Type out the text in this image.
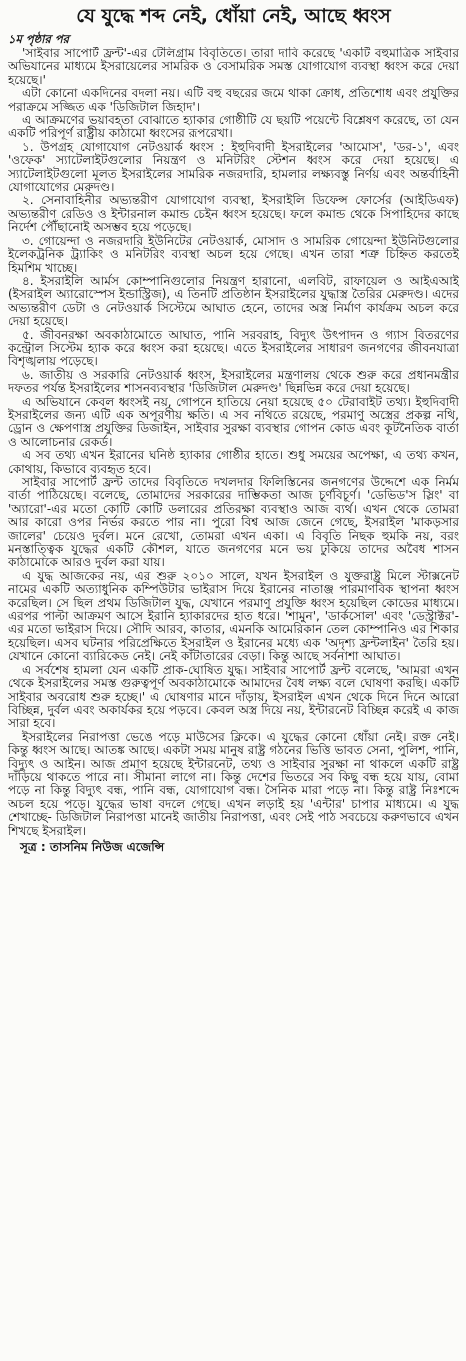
যে যুদ্ধে শব্দ নেই, ধোঁয়া নেই, আছে ধ্বংস
১ম পৃষ্ঠার পর

'সাইবার সাপোর্ট ফ্রন্ট'-এর টেলিগ্রাম বিবৃতিতে। তারা দাবি করেছে 'একটি বহুমাত্রিক সাইবার অভিযানের মাধ্যমে ইসরায়েলের সামরিক ও বেসামরিক সমস্ত যোগাযোগ ব্যবস্থা ধ্বংস করে দেয়া হয়েছে।'

এটা কোনো একদিনের বদলা নয়। এটি বহু বছরের জমে থাকা ক্রোধ, প্রতিশোধ এবং প্রযুক্তির পরাক্রমে সজ্জিত এক 'ডিজিটাল জিহাদ'।

এ আক্রমণের ভয়াবহতা বোঝাতে হ্যাকার গোষ্ঠীটি যে ছয়টি পয়েন্টে বিশ্লেষণ করেছে, তা যেন একটি পরিপূর্ণ রাষ্ট্রীয় কাঠামো ধ্বংসের রূপরেখা।

১. উপগ্রহ যোগাযোগ নেটওয়ার্ক ধ্বংস : ইহুদিবাদী ইসরাইলের 'আমোস', 'ডর-১', এবং 'ওফেক' স্যাটেলাইটগুলোর নিয়ন্ত্রণ ও মনিটরিং স্টেশন ধ্বংস করে দেয়া হয়েছে। এ স্যাটেলাইটগুলো মূলত ইসরাইলের সামরিক নজরদারি, হামলার লক্ষ্যবস্তু নির্ণয় এবং অন্তর্বাহিনী যোগাযোগের মেরুদণ্ড।

২. সেনাবাহিনীর অভ্যন্তরীণ যোগাযোগ ব্যবস্থা, ইসরাইলি ডিফেন্স ফোর্সের (আইডিএফ) অভ্যন্তরীণ রেডিও ও ইন্টারনাল কমান্ড চেইন ধ্বংস হয়েছে। ফলে কমান্ড থেকে সিপাহিদের কাছে নির্দেশ পৌঁছানোই অসম্ভব হয়ে পড়েছে।

৩. গোয়েন্দা ও নজরদারি ইউনিটের নেটওয়ার্ক, মোসাদ ও সামরিক গোয়েন্দা ইউনিটগুলোর ইলেকট্রনিক ট্র্যাকিং ও মনিটরিং ব্যবস্থা অচল হয়ে গেছে। এখন তারা শত্রু চিহ্নিত করতেই হিমশিম খাচ্ছে।

৪. ইসরাইলি আর্মস কোম্পানিগুলোর নিয়ন্ত্রণ হারানো, এলবিট, রাফায়েল ও আইএআই (ইসরাইল অ্যারোস্পেস ইন্ডাস্ট্রিজ), এ তিনটি প্রতিষ্ঠান ইসরাইলের যুদ্ধাস্ত্র তৈরির মেরুদণ্ড। এদের অভ্যন্তরীণ ডেটা ও নেটওয়ার্ক সিস্টেমে আঘাত হেনে, তাদের অস্ত্র নির্মাণ কার্যক্রম অচল করে দেয়া হয়েছে।

৫. জীবনরক্ষা অবকাঠামোতে আঘাত, পানি সরবরাহ, বিদ্যুৎ উৎপাদন ও গ্যাস বিতরণের কন্ট্রোল সিস্টেম হ্যাক করে ধ্বংস করা হয়েছে। এতে ইসরাইলের সাধারণ জনগণের জীবনযাত্রা বিশৃঙ্খলায় পড়েছে।

৬. জাতীয় ও সরকারি নেটওয়ার্ক ধ্বংস, ইসরাইলের মন্ত্রণালয় থেকে শুরু করে প্রধানমন্ত্রীর দফতর পর্যন্ত ইসরাইলের শাসনব্যবস্থার 'ডিজিটাল মেরুদণ্ড' ছিন্নভিন্ন করে দেয়া হয়েছে।

এ অভিযানে কেবল ধ্বংসই নয়, গোপনে হাতিয়ে নেয়া হয়েছে ৫০ টেরাবাইট তথ্য। ইহুদিবাদী ইসরাইলের জন্য এটি এক অপূরণীয় ক্ষতি। এ সব নথিতে রয়েছে, পরমাণু অস্ত্রের প্রকল্প নথি, ড্রোন ও ক্ষেপণাস্ত্র প্রযুক্তির ডিজাইন, সাইবার সুরক্ষা ব্যবস্থার গোপন কোড এবং কূটনৈতিক বার্তা ও আলোচনার রেকর্ড।

এ সব তথ্য এখন ইরানের ঘনিষ্ঠ হ্যাকার গোষ্ঠীর হাতে। শুধু সময়ের অপেক্ষা, এ তথ্য কখন, কোথায়, কিভাবে ব্যবহৃত হবে।

সাইবার সাপোর্ট ফ্রন্ট তাদের বিবৃতিতে দখলদার ফিলিস্তিনের জনগণের উদ্দেশে এক নির্মম বার্তা পাঠিয়েছে। বলেছে, তোমাদের সরকারের দাম্ভিকতা আজ চূর্ণবিচূর্ণ। 'ডেভিড'স স্লিং' বা 'অ্যারো'-এর মতো কোটি কোটি ডলারের প্রতিরক্ষা ব্যবস্থাও আজ ব্যর্থ। এখন থেকে তোমরা আর কারো ওপর নির্ভর করতে পার না। পুরো বিশ্ব আজ জেনে গেছে, ইসরাইল 'মাকড়সার জালের' চেয়েও দুর্বল। মনে রেখো, তোমরা এখন একা। এ বিবৃতি নিছক হুমকি নয়, বরং মনস্তাত্ত্বিক যুদ্ধের একটি কৌশল, যাতে জনগণের মনে ভয় ঢুকিয়ে তাদের অবৈধ শাসন কাঠামোকে আরও দুর্বল করা যায়।

এ যুদ্ধ আজকের নয়, এর শুরু ২০১০ সালে, যখন ইসরাইল ও যুক্তরাষ্ট্র মিলে স্টাক্সনেট নামের একটি অত্যাধুনিক কম্পিউটার ভাইরাস দিয়ে ইরানের নাতাঞ্জ পারমাণবিক স্থাপনা ধ্বংস করেছিল। সে ছিল প্রথম ডিজিটাল যুদ্ধ, যেখানে পরমাণু প্রযুক্তি ধ্বংস হয়েছিল কোডের মাধ্যমে। এরপর পাল্টা আক্রমণ আসে ইরানি হ্যাকারদের হাত ধরে। 'শামুন', 'ডার্কসোল' এবং 'ডেস্ট্রাক্টর'-এর মতো ভাইরাস দিয়ে। সৌদি আরব, কাতার, এমনকি আমেরিকান তেল কোম্পানিও এর শিকার হয়েছিল। এসব ঘটনার পরিপ্রেক্ষিতে ইসরাইল ও ইরানের মধ্যে এক 'অদৃশ্য ফ্রন্টলাইন' তৈরি হয়। যেখানে কোনো ব্যারিকেড নেই। নেই কাঁটাতারের বেড়া। কিন্তু আছে সর্বনাশা আঘাত।

এ সর্বশেষ হামলা যেন একটি প্রাক-ঘোষিত যুদ্ধ। সাইবার সাপোর্ট ফ্রন্ট বলেছে, 'আমরা এখন থেকে ইসরাইলের সমস্ত গুরুত্বপূর্ণ অবকাঠামোকে আমাদের বৈধ লক্ষ্য বলে ঘোষণা করছি। একটি সাইবার অবরোধ শুরু হচ্ছে।' এ ঘোষণার মানে দাঁড়ায়, ইসরাইল এখন থেকে দিনে দিনে আরো বিচ্ছিন্ন, দুর্বল এবং অকার্যকর হয়ে পড়বে। কেবল অস্ত্র দিয়ে নয়, ইন্টারনেট বিচ্ছিন্ন করেই এ কাজ সারা হবে।

ইসরাইলের নিরাপত্তা ভেঙে পড়ে মাউসের ক্লিকে। এ যুদ্ধের কোনো ধোঁয়া নেই। রক্ত নেই। কিন্তু ধ্বংস আছে। আতঙ্ক আছে। একটা সময় মানুষ রাষ্ট্র গঠনের ভিত্তি ভাবত সেনা, পুলিশ, পানি, বিদ্যুৎ ও আইন। আজ প্রমাণ হয়েছে ইন্টারনেট, তথ্য ও সাইবার সুরক্ষা না থাকলে একটি রাষ্ট্র দাঁড়িয়ে থাকতে পারে না। সীমানা লাগে না। কিন্তু দেশের ভিতরে সব কিছু বন্ধ হয়ে যায়, বোমা পড়ে না কিন্তু বিদ্যুৎ বন্ধ, পানি বন্ধ, যোগাযোগ বন্ধ। সৈনিক মারা পড়ে না। কিন্তু রাষ্ট্র নিঃশব্দে অচল হয়ে পড়ে। যুদ্ধের ভাষা বদলে গেছে। এখন লড়াই হয় 'এন্টার' চাপার মাধ্যমে। এ যুদ্ধ শেখাচ্ছে- ডিজিটাল নিরাপত্তা মানেই জাতীয় নিরাপত্তা, এবং সেই পাঠ সবচেয়ে করুণভাবে এখন শিখছে ইসরাইল।

সূত্র : তাসনিম নিউজ এজেন্সি
